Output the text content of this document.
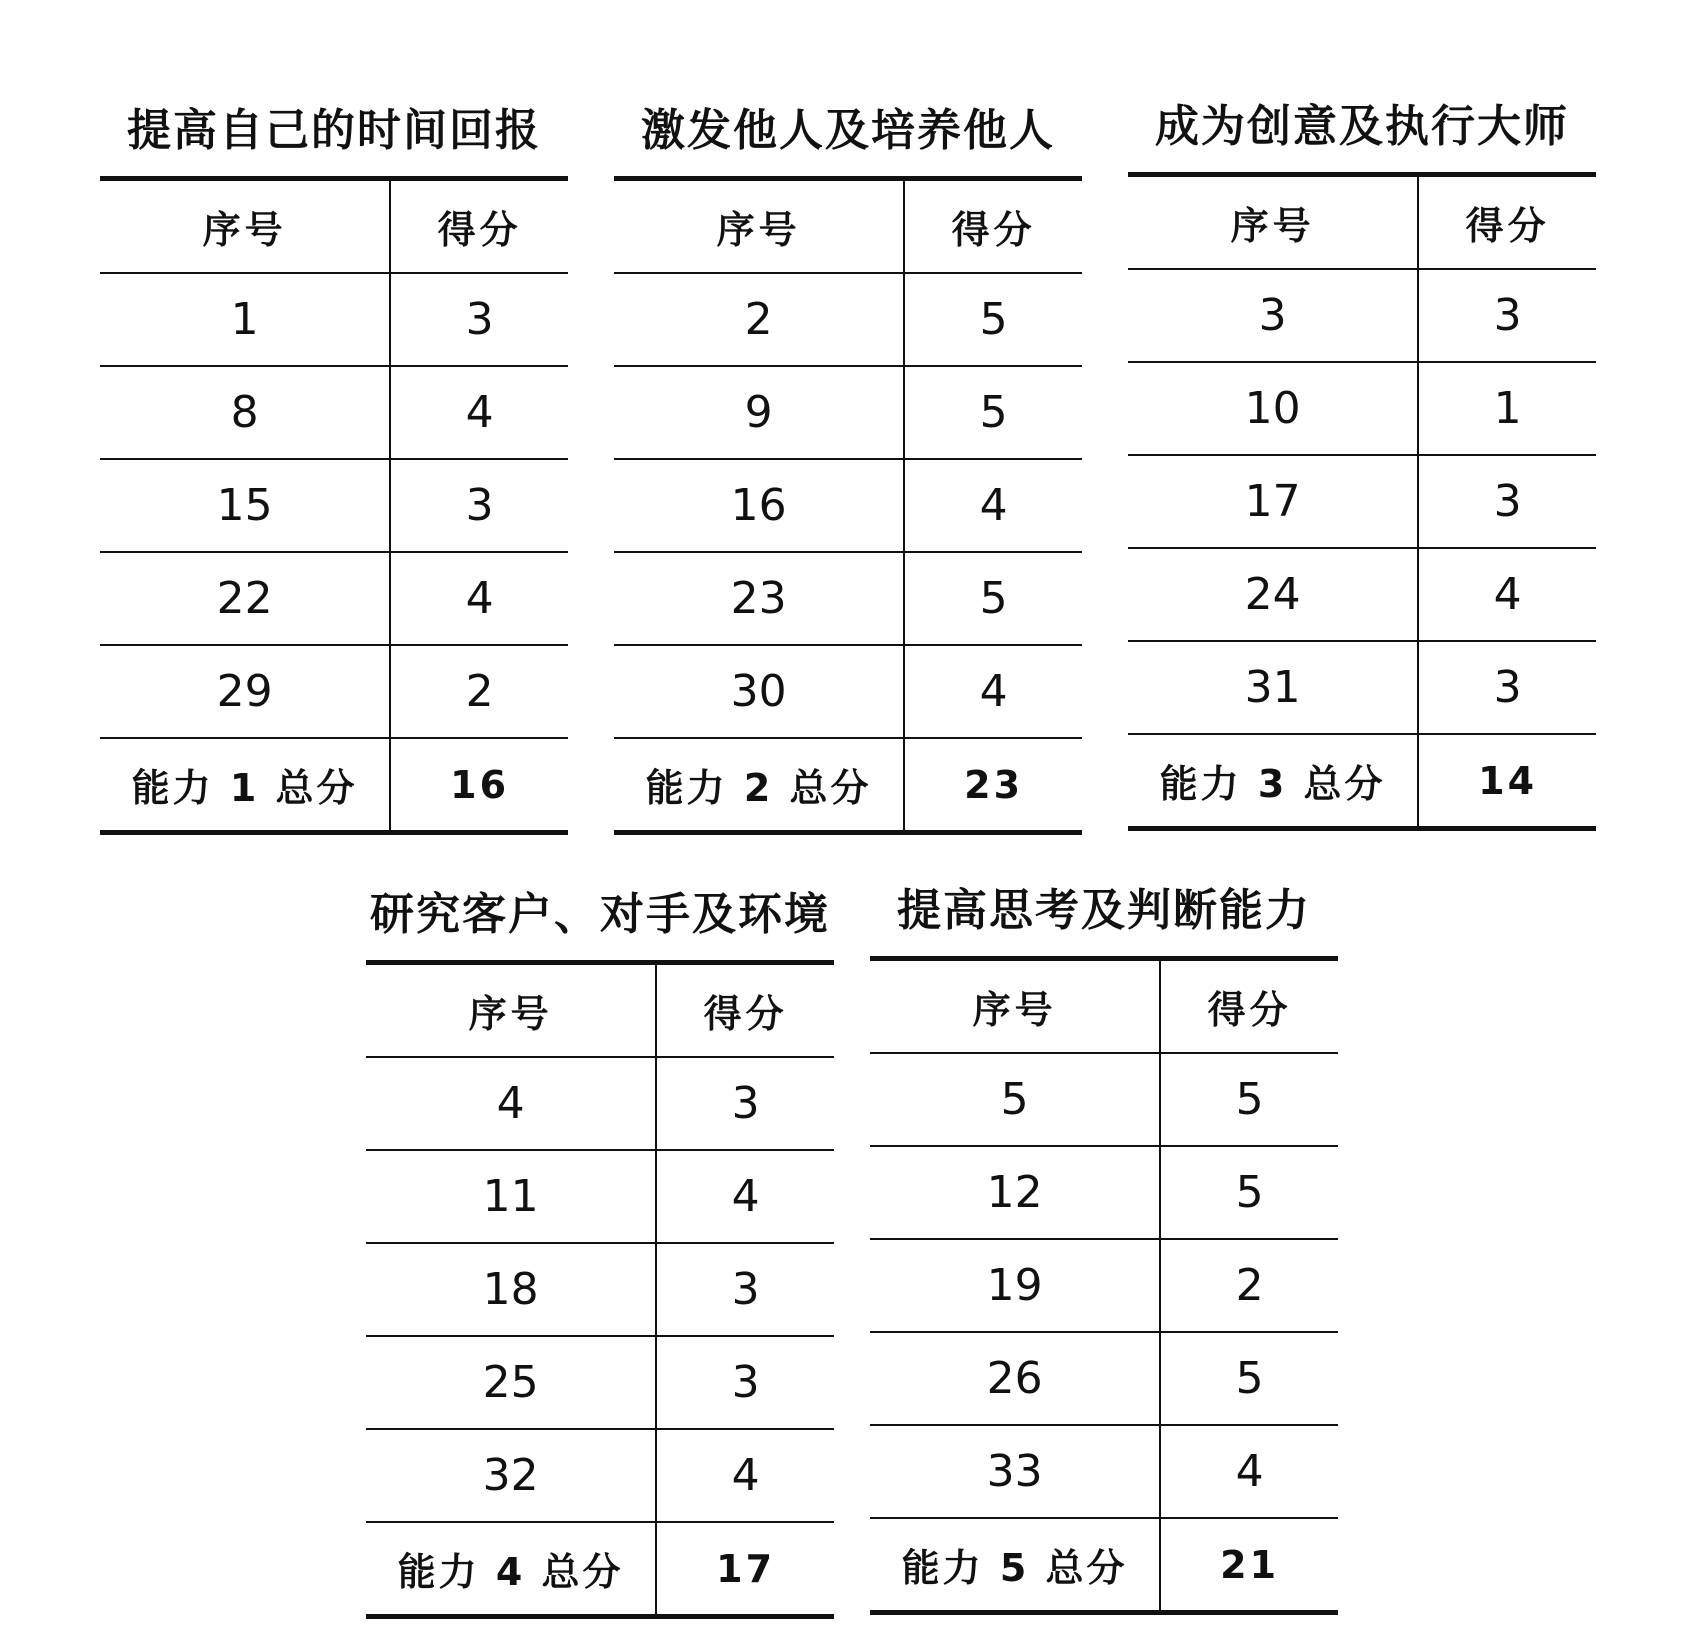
提高自己的时间回报
序号	得分
1	3
8	4
15	3
22	4
29	2
能力 1 总分	16
激发他人及培养他人
序号	得分
2	5
9	5
16	4
23	5
30	4
能力 2 总分	23
成为创意及执行大师
序号	得分
3	3
10	1
17	3
24	4
31	3
能力 3 总分	14
研究客户、对手及环境
序号	得分
4	3
11	4
18	3
25	3
32	4
能力 4 总分	17
提高思考及判断能力
序号	得分
5	5
12	5
19	2
26	5
33	4
能力 5 总分	21
